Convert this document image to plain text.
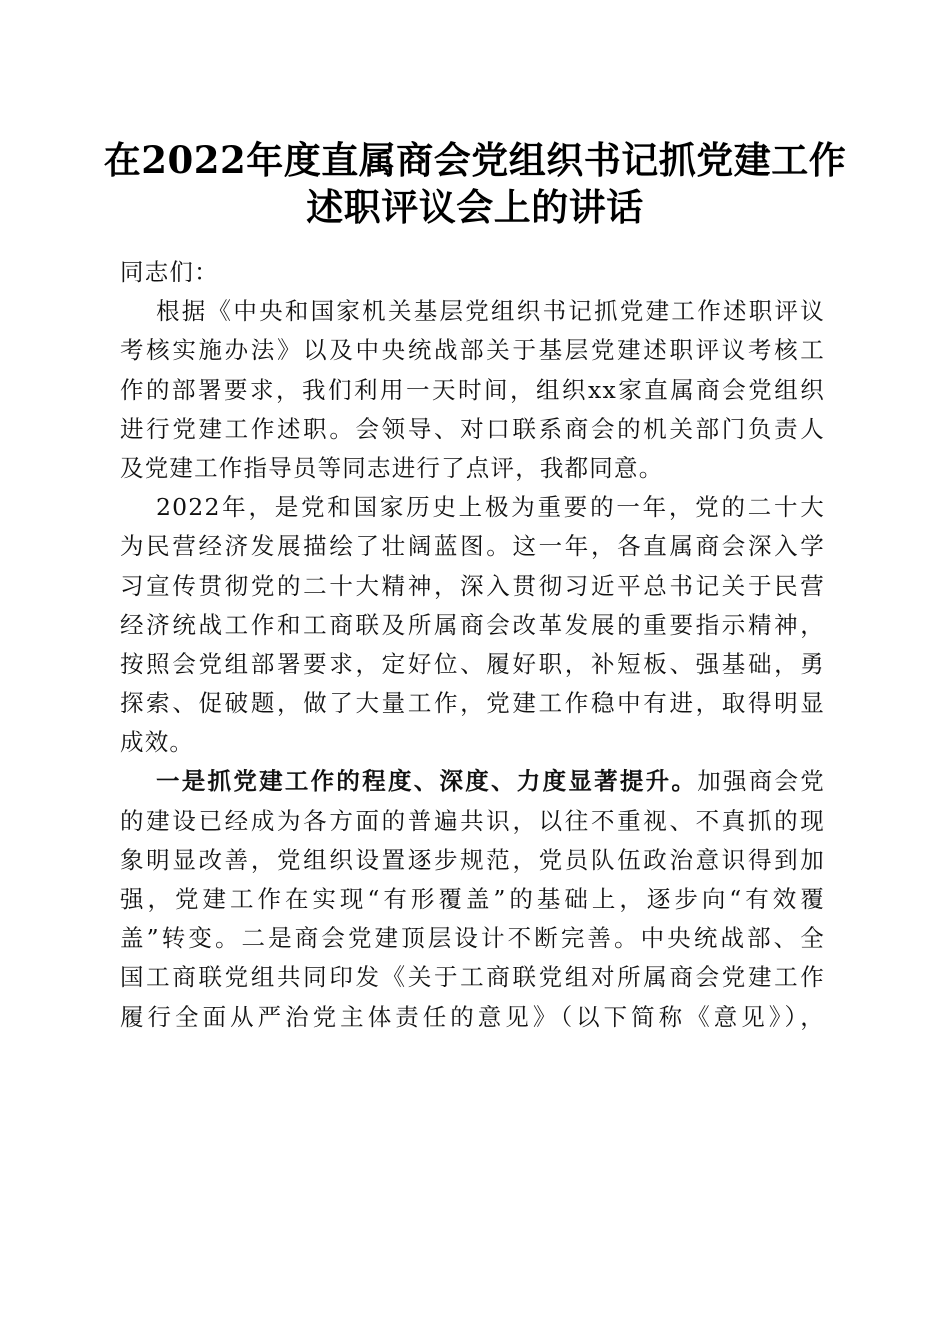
在2022年度直属商会党组织书记抓党建工作
述职评议会上的讲话
同志们：
根据《中央和国家机关基层党组织书记抓党建工作述职评议
考核实施办法》以及中央统战部关于基层党建述职评议考核工
作的部署要求，我们利用一天时间，组织xx家直属商会党组织
进行党建工作述职。会领导、对口联系商会的机关部门负责人
及党建工作指导员等同志进行了点评，我都同意。
2022年，是党和国家历史上极为重要的一年，党的二十大
为民营经济发展描绘了壮阔蓝图。这一年，各直属商会深入学
习宣传贯彻党的二十大精神，深入贯彻习近平总书记关于民营
经济统战工作和工商联及所属商会改革发展的重要指示精神，
按照会党组部署要求，定好位、履好职，补短板、强基础，勇
探索、促破题，做了大量工作，党建工作稳中有进，取得明显
成效。
一是抓党建工作的程度、深度、力度显著提升。加强商会党
的建设已经成为各方面的普遍共识，以往不重视、不真抓的现
象明显改善，党组织设置逐步规范，党员队伍政治意识得到加
强，党建工作在实现“有形覆盖”的基础上，逐步向“有效覆
盖”转变。二是商会党建顶层设计不断完善。中央统战部、全
国工商联党组共同印发《关于工商联党组对所属商会党建工作
履行全面从严治党主体责任的意见》（以下简称《意见》），
